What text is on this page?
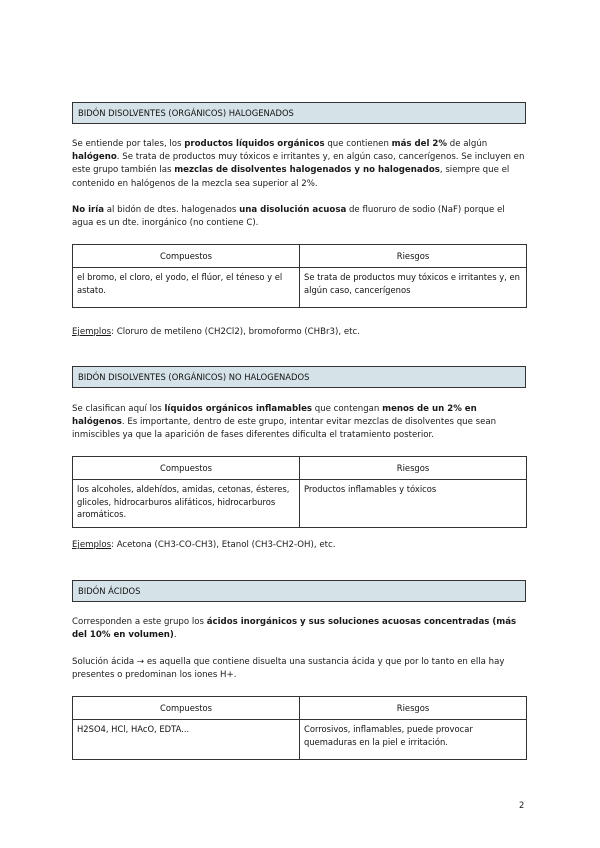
BIDÓN DISOLVENTES (ORGÁNICOS) HALOGENADOS

Se entiende por tales, los productos líquidos orgánicos que contienen más del 2% de algún halógeno. Se trata de productos muy tóxicos e irritantes y, en algún caso, cancerígenos. Se incluyen en este grupo también las mezclas de disolventes halogenados y no halogenados, siempre que el contenido en halógenos de la mezcla sea superior al 2%.

No iría al bidón de dtes. halogenados una disolución acuosa de fluoruro de sodio (NaF) porque el agua es un dte. inorgánico (no contiene C).

Compuestos	Riesgos
el bromo, el cloro, el yodo, el flúor, el téneso y el astato.	Se trata de productos muy tóxicos e irritantes y, en algún caso, cancerígenos
Ejemplos: Cloruro de metileno (CH2Cl2), bromoformo (CHBr3), etc.
BIDÓN DISOLVENTES (ORGÁNICOS) NO HALOGENADOS

Se clasifican aquí los líquidos orgánicos inflamables que contengan menos de un 2% en halógenos. Es importante, dentro de este grupo, intentar evitar mezclas de disolventes que sean inmiscibles ya que la aparición de fases diferentes dificulta el tratamiento posterior.

Compuestos	Riesgos
los alcoholes, aldehídos, amidas, cetonas, ésteres, glicoles, hidrocarburos alifáticos, hidrocarburos aromáticos.	Productos inflamables y tóxicos
Ejemplos: Acetona (CH3-CO-CH3), Etanol (CH3-CH2-OH), etc.
BIDÓN ÁCIDOS

Corresponden a este grupo los ácidos inorgánicos y sus soluciones acuosas concentradas (más del 10% en volumen).

Solución ácida → es aquella que contiene disuelta una sustancia ácida y que por lo tanto en ella hay presentes o predominan los iones H+.

Compuestos	Riesgos
H2SO4, HCl, HAcO, EDTA...	Corrosivos, inflamables, puede provocar quemaduras en la piel e irritación.
2
